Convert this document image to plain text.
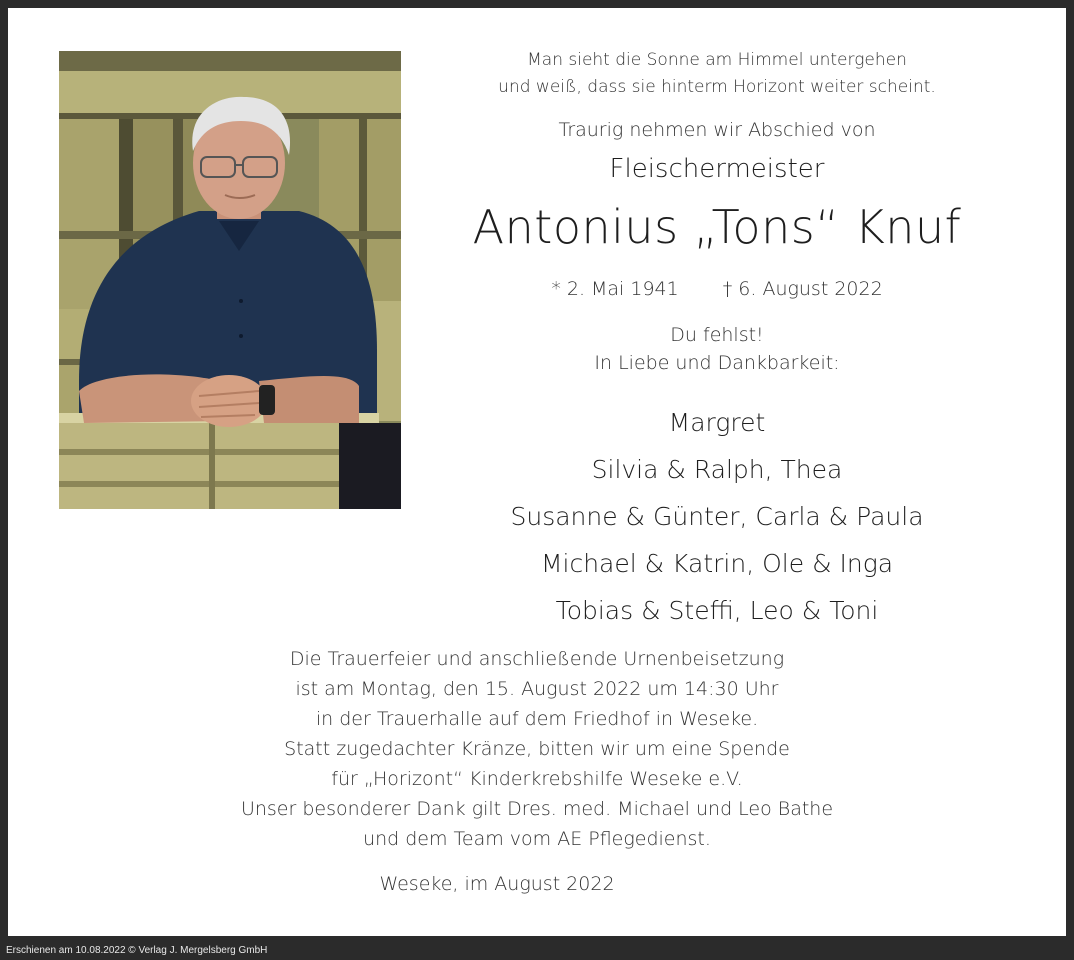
Man sieht die Sonne am Himmel untergehen
und weiß, dass sie hinterm Horizont weiter scheint.
Traurig nehmen wir Abschied von
Fleischermeister
Antonius „Tons“ Knuf
* 2. Mai 1941 † 6. August 2022
Du fehlst!
In Liebe und Dankbarkeit:
Margret
Silvia & Ralph, Thea
Susanne & Günter, Carla & Paula
Michael & Katrin, Ole & Inga
Tobias & Steffi, Leo & Toni
Die Trauerfeier und anschließende Urnenbeisetzung
ist am Montag, den 15. August 2022 um 14:30 Uhr
in der Trauerhalle auf dem Friedhof in Weseke.
Statt zugedachter Kränze, bitten wir um eine Spende
für „Horizont“ Kinderkrebshilfe Weseke e.V.
Unser besonderer Dank gilt Dres. med. Michael und Leo Bathe
und dem Team vom AE Pflegedienst.
Weseke, im August 2022
Erschienen am 10.08.2022 © Verlag J. Mergelsberg GmbH
